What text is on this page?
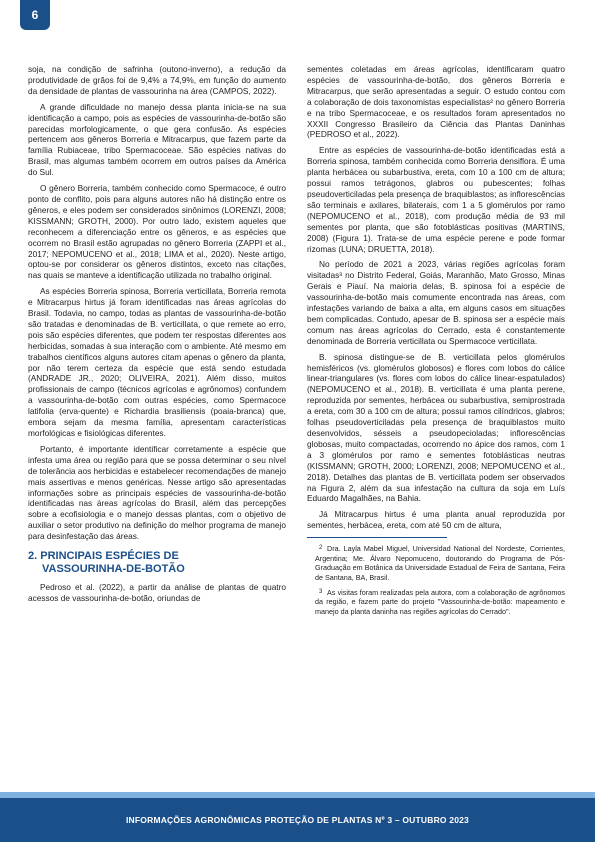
6

soja, na condição de safrinha (outono-inverno), a redução da produtividade de grãos foi de 9,4% a 74,9%, em função do aumento da densidade de plantas de vassourinha na área (CAMPOS, 2022).

A grande dificuldade no manejo dessa planta inicia-se na sua identificação a campo, pois as espécies de vassourinha-de-botão são parecidas morfologicamente, o que gera confusão. As espécies pertencem aos gêneros Borreria e Mitracarpus, que fazem parte da família Rubiaceae, tribo Spermacoceae. São espécies nativas do Brasil, mas algumas também ocorrem em outros países da América do Sul.

O gênero Borreria, também conhecido como Spermacoce, é outro ponto de conflito, pois para alguns autores não há distinção entre os gêneros, e eles podem ser considerados sinônimos (LORENZI, 2008; KISSMANN; GROTH, 2000). Por outro lado, existem aqueles que reconhecem a diferenciação entre os gêneros, e as espécies que ocorrem no Brasil estão agrupadas no gênero Borreria (ZAPPI et al., 2017; NEPOMUCENO et al., 2018; LIMA et al., 2020). Neste artigo, optou-se por considerar os gêneros distintos, exceto nas citações, nas quais se manteve a identificação utilizada no trabalho original.

As espécies Borreria spinosa, Borreria verticillata, Borreria remota e Mitracarpus hirtus já foram identificadas nas áreas agrícolas do Brasil. Todavia, no campo, todas as plantas de vassourinha-de-botão são tratadas e denominadas de B. verticillata, o que remete ao erro, pois são espécies diferentes, que podem ter respostas diferentes aos herbicidas, somadas à sua interação com o ambiente. Até mesmo em trabalhos científicos alguns autores citam apenas o gênero da planta, por não terem certeza da espécie que está sendo estudada (ANDRADE JR., 2020; OLIVEIRA, 2021). Além disso, muitos profissionais de campo (técnicos agrícolas e agrônomos) confundem a vassourinha-de-botão com outras espécies, como Spermacoce latifolia (erva-quente) e Richardia brasiliensis (poaia-branca) que, embora sejam da mesma família, apresentam características morfológicas e fisiológicas diferentes.

Portanto, é importante identificar corretamente a espécie que infesta uma área ou região para que se possa determinar o seu nível de tolerância aos herbicidas e estabelecer recomendações de manejo mais assertivas e menos genéricas. Nesse artigo são apresentadas informações sobre as principais espécies de vassourinha-de-botão identificadas nas áreas agrícolas do Brasil, além das percepções sobre a ecofisiologia e o manejo dessas plantas, com o objetivo de auxiliar o setor produtivo na definição do melhor programa de manejo para desinfestação das áreas.

2. PRINCIPAIS ESPÉCIES DE
VASSOURINHA-DE-BOTÃO

Pedroso et al. (2022), a partir da análise de plantas de quatro acessos de vassourinha-de-botão, oriundas de

sementes coletadas em áreas agrícolas, identificaram quatro espécies de vassourinha-de-botão, dos gêneros Borreria e Mitracarpus, que serão apresentadas a seguir. O estudo contou com a colaboração de dois taxonomistas especialistas² no gênero Borreria e na tribo Spermacoceae, e os resultados foram apresentados no XXXII Congresso Brasileiro da Ciência das Plantas Daninhas (PEDROSO et al., 2022).

Entre as espécies de vassourinha-de-botão identificadas está a Borreria spinosa, também conhecida como Borreria densiflora. É uma planta herbácea ou subarbustiva, ereta, com 10 a 100 cm de altura; possui ramos tetrágonos, glabros ou pubescentes; folhas pseudoverticiladas pela presença de braquiblastos; as inflorescências são terminais e axilares, bilaterais, com 1 a 5 glomérulos por ramo (NEPOMUCENO et al., 2018), com produção média de 93 mil sementes por planta, que são fotoblásticas positivas (MARTINS, 2008) (Figura 1). Trata-se de uma espécie perene e pode formar rizomas (LUNA; DRUETTA, 2018).

No período de 2021 a 2023, várias regiões agrícolas foram visitadas³ no Distrito Federal, Goiás, Maranhão, Mato Grosso, Minas Gerais e Piauí. Na maioria delas, B. spinosa foi a espécie de vassourinha-de-botão mais comumente encontrada nas áreas, com infestações variando de baixa a alta, em alguns casos em situações bem complicadas. Contudo, apesar de B. spinosa ser a espécie mais comum nas áreas agrícolas do Cerrado, esta é constantemente denominada de Borreria verticillata ou Spermacoce verticillata.

B. spinosa distingue-se de B. verticillata pelos glomérulos hemisféricos (vs. glomérulos globosos) e flores com lobos do cálice linear-triangulares (vs. flores com lobos do cálice linear-espatulados) (NEPOMUCENO et al., 2018). B. verticillata é uma planta perene, reproduzida por sementes, herbácea ou subarbustiva, semiprostrada a ereta, com 30 a 100 cm de altura; possui ramos cilíndricos, glabros; folhas pseudoverticiladas pela presença de braquiblastos muito desenvolvidos, sésseis a pseudopecioladas; inflorescências globosas, muito compactadas, ocorrendo no ápice dos ramos, com 1 a 3 glomérulos por ramo e sementes fotoblásticas neutras (KISSMANN; GROTH, 2000; LORENZI, 2008; NEPOMUCENO et al., 2018). Detalhes das plantas de B. verticillata podem ser observados na Figura 2, além da sua infestação na cultura da soja em Luís Eduardo Magalhães, na Bahia.

Já Mitracarpus hirtus é uma planta anual reproduzida por sementes, herbácea, ereta, com até 50 cm de altura,

2 Dra. Layla Mabel Miguel, Universidad National del Nordeste, Corrientes, Argentina; Me. Álvaro Nepomuceno, doutorando do Programa de Pós-Graduação em Botânica da Universidade Estadual de Feira de Santana, Feira de Santana, BA, Brasil.

3 As visitas foram realizadas pela autora, com a colaboração de agrônomos da região, e fazem parte do projeto "Vassourinha-de-botão: mapeamento e manejo da planta daninha nas regiões agrícolas do Cerrado".

INFORMAÇÕES AGRONÔMICAS PROTEÇÃO DE PLANTAS Nº 3 – OUTUBRO 2023
